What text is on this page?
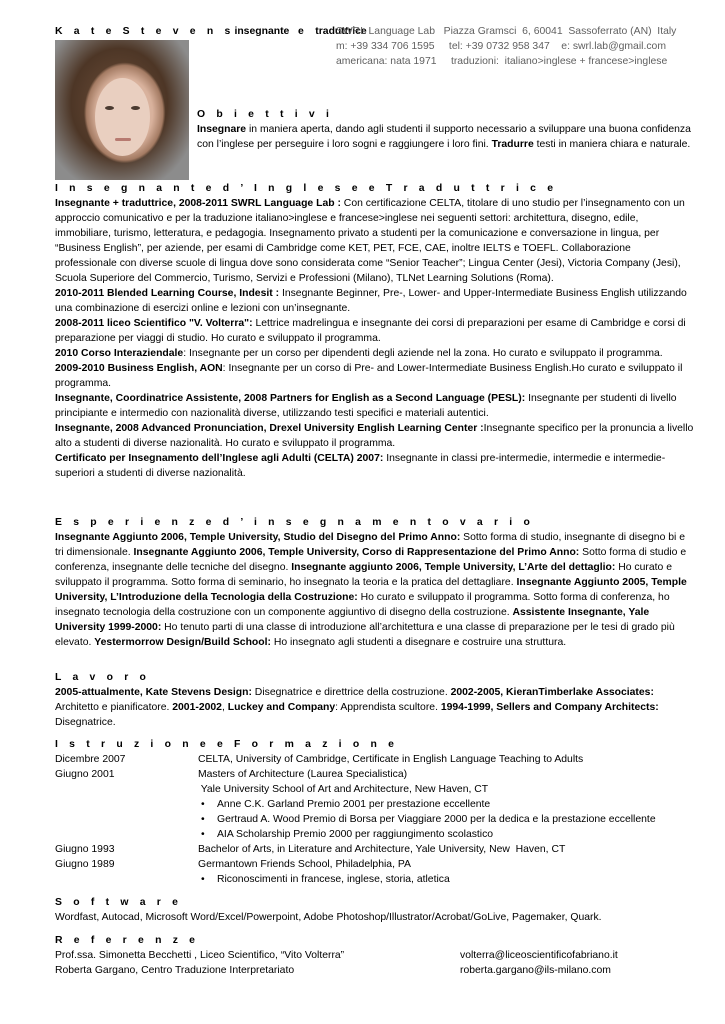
K a t e S t e v e n sinsegnante   e    traduttrice
SWRL Language Lab   Piazza Gramsci  6, 60041  Sassoferrato (AN)  Italy
m: +39 334 706 1595     tel: +39 0732 958 347    e: swrl.lab@gmail.com
americana: nata 1971     traduzioni:  italiano>inglese + francese>inglese
O b i e t t i v i

Insegnare in maniera aperta, dando agli studenti il supporto necessario a sviluppare una buona confidenza con l’inglese per perseguire i loro sogni e raggiungere i loro fini. Tradurre testi in maniera chiara e naturale.

I n s e g n a n t e d ’ I n g l e s e e T r a d u t t r i c e

Insegnante + traduttrice, 2008-2011 SWRL Language Lab : Con certificazione CELTA, titolare di uno studio per l’insegnamento con un approccio comunicativo e per la traduzione italiano>inglese e francese>inglese nei seguenti settori: architettura, disegno, edile, immobiliare, turismo, letteratura, e pedagogia. Insegnamento privato a studenti per la comunicazione e conversazione in lingua, per “Business English”, per aziende, per esami di Cambridge come KET, PET, FCE, CAE, inoltre IELTS e TOEFL. Collaborazione professionale con diverse scuole di lingua dove sono considerata come “Senior Teacher”; Lingua Center (Jesi), Victoria Company (Jesi), Scuola Superiore del Commercio, Turismo, Servizi e Professioni (Milano), TLNet Learning Solutions (Roma).

2010-2011 Blended Learning Course, Indesit : Insegnante Beginner, Pre-, Lower- and Upper-Intermediate Business English utilizzando una combinazione di esercizi online e lezioni con un’insegnante.

2008-2011 liceo Scientifico "V. Volterra": Lettrice madrelingua e insegnante dei corsi di preparazioni per esame di Cambridge e corsi di preparazione per viaggi di studio. Ho curato e sviluppato il programma.

2010 Corso Interaziendale: Insegnante per un corso per dipendenti degli aziende nel la zona. Ho curato e sviluppato il programma.

2009-2010 Business English, AON: Insegnante per un corso di Pre- and Lower-Intermediate Business English.Ho curato e sviluppato il programma.

Insegnante, Coordinatrice Assistente, 2008 Partners for English as a Second Language (PESL): Insegnante per studenti di livello principiante e intermedio con nazionalità diverse, utilizzando testi specifici e materiali autentici.

Insegnante, 2008 Advanced Pronunciation, Drexel University English Learning Center :Insegnante specifico per la pronuncia a livello alto a studenti di diverse nazionalità. Ho curato e sviluppato il programma.

Certificato per Insegnamento dell’Inglese agli Adulti (CELTA) 2007: Insegnante in classi pre-intermedie, intermedie e intermedie-superiori a studenti di diverse nazionalità.

E s p e r i e n z e d ’ i n s e g n a m e n t o v a r i o

Insegnante Aggiunto 2006, Temple University, Studio del Disegno del Primo Anno: Sotto forma di studio, insegnante di disegno bi e tri dimensionale. Insegnante Aggiunto 2006, Temple University, Corso di Rappresentazione del Primo Anno: Sotto forma di studio e conferenza, insegnante delle tecniche del disegno. Insegnante aggiunto 2006, Temple University, L’Arte del dettaglio: Ho curato e sviluppato il programma. Sotto forma di seminario, ho insegnato la teoria e la pratica del dettagliare. Insegnante Aggiunto 2005, Temple University, L’Introduzione della Tecnologia della Costruzione: Ho curato e sviluppato il programma. Sotto forma di conferenza, ho insegnato tecnologia della costruzione con un componente aggiuntivo di disegno della costruzione. Assistente Insegnante, Yale University 1999-2000: Ho tenuto parti di una classe di introduzione all’architettura e una classe di preparazione per le tesi di grado più elevato. Yestermorrow Design/Build School: Ho insegnato agli studenti a disegnare e costruire una struttura.

L a v o r o

2005-attualmente, Kate Stevens Design: Disegnatrice e direttrice della costruzione. 2002-2005, KieranTimberlake Associates: Architetto e pianificatore. 2001-2002, Luckey and Company: Apprendista scultore. 1994-1999, Sellers and Company Architects: Disegnatrice.

I s t r u z i o n e e F o r m a z i o n e
Dicembre 2007	CELTA, University of Cambridge, Certificate in English Language Teaching to Adults
Giugno 2001	Masters of Architecture (Laurea Specialistica)
Yale University School of Art and Architecture, New Haven, CT
• Anne C.K. Garland Premio 2001 per prestazione eccellente
• Gertraud A. Wood Premio di Borsa per Viaggiare 2000 per la dedica e la prestazione eccellente
• AIA Scholarship Premio 2000 per raggiungimento scolastico
Giugno 1993	Bachelor of Arts, in Literature and Architecture, Yale University, New  Haven, CT
Giugno 1989	Germantown Friends School, Philadelphia, PA
• Riconoscimenti in francese, inglese, storia, atletica
S o f t w a r e

Wordfast, Autocad, Microsoft Word/Excel/Powerpoint, Adobe Photoshop/Illustrator/Acrobat/GoLive, Pagemaker, Quark.

R e f e r e n z e
Prof.ssa. Simonetta Becchetti , Liceo Scientifico, “Vito Volterra”	volterra@liceoscientificofabriano.it
Roberta Gargano, Centro Traduzione Interpretariato	roberta.gargano@ils-milano.com
